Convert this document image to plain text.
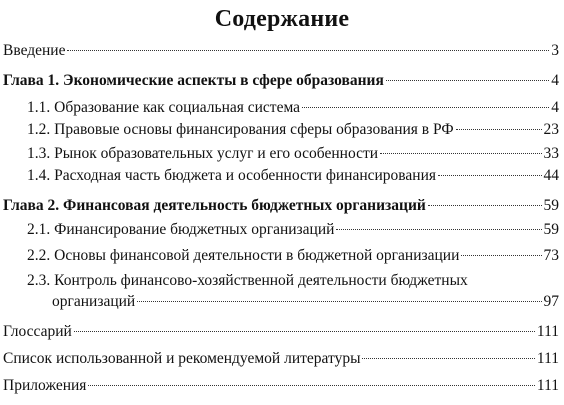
Содержание
Введение	3
Глава 1. Экономические аспекты в сфере образования	4
1.1. Образование как социальная система	4
1.2. Правовые основы финансирования сферы образования в РФ	23
1.3. Рынок образовательных услуг и его особенности	33
1.4. Расходная часть бюджета и особенности финансирования	44
Глава 2. Финансовая деятельность бюджетных организаций	59
2.1. Финансирование бюджетных организаций	59
2.2. Основы финансовой деятельности в бюджетной организации	73
2.3. Контроль финансово-хозяйственной деятельности бюджетных
организаций	97
Глоссарий	111
Список использованной и рекомендуемой литературы	111
Приложения	111
